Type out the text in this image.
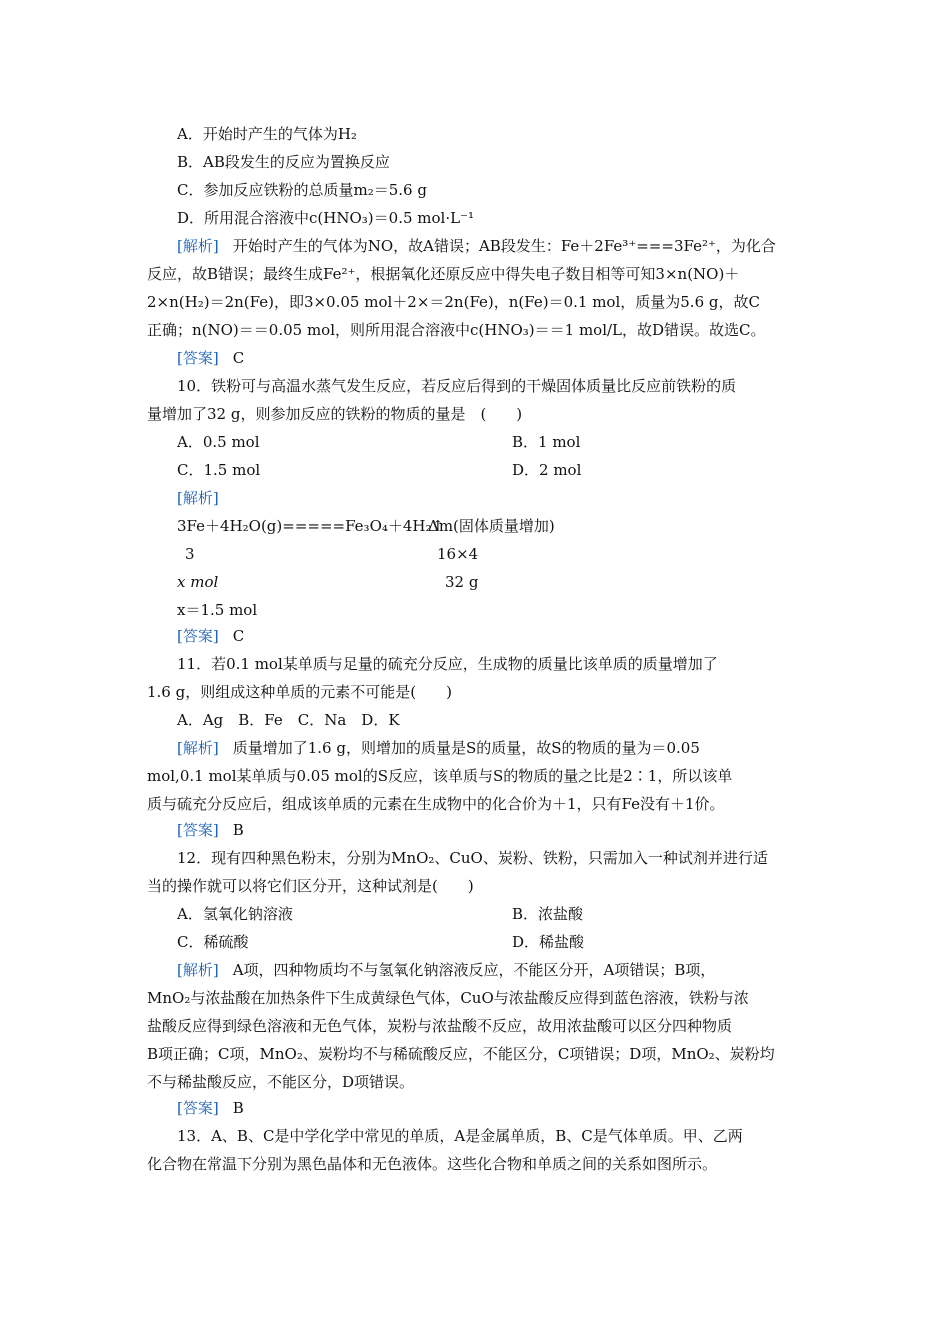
A．开始时产生的气体为H₂
B．AB段发生的反应为置换反应
C．参加反应铁粉的总质量m₂＝5.6 g
D．所用混合溶液中c(HNO₃)＝0.5 mol·L⁻¹
[解析] 开始时产生的气体为NO，故A错误；AB段发生：Fe＋2Fe³⁺===3Fe²⁺，为化合
反应，故B错误；最终生成Fe²⁺，根据氧化还原反应中得失电子数目相等可知3×n(NO)＋
2×n(H₂)＝2n(Fe)，即3×0.05 mol＋2×＝2n(Fe)，n(Fe)＝0.1 mol，质量为5.6 g，故C
正确；n(NO)＝＝0.05 mol，则所用混合溶液中c(HNO₃)＝＝1 mol/L，故D错误。故选C。
[答案] C
10．铁粉可与高温水蒸气发生反应，若反应后得到的干燥固体质量比反应前铁粉的质
量增加了32 g，则参加反应的铁粉的物质的量是　(　　)
A．0.5 mol	B．1 mol
C．1.5 mol	D．2 mol
[解析]
3Fe＋4H₂O(g)=====Fe₃O₄＋4H₂↑
Δm(固体质量增加)
3	16×4
x mol	32 g
x＝1.5 mol
[答案] C
11．若0.1 mol某单质与足量的硫充分反应，生成物的质量比该单质的质量增加了
1.6 g，则组成这种单质的元素不可能是(　　)
A．Ag　B．Fe　C．Na　D．K
[解析] 质量增加了1.6 g，则增加的质量是S的质量，故S的物质的量为＝0.05
mol,0.1 mol某单质与0.05 mol的S反应，该单质与S的物质的量之比是2∶1，所以该单
质与硫充分反应后，组成该单质的元素在生成物中的化合价为＋1，只有Fe没有＋1价。
[答案] B
12．现有四种黑色粉末，分别为MnO₂、CuO、炭粉、铁粉，只需加入一种试剂并进行适
当的操作就可以将它们区分开，这种试剂是(　　)
A．氢氧化钠溶液	B．浓盐酸
C．稀硫酸	D．稀盐酸
[解析] A项，四种物质均不与氢氧化钠溶液反应，不能区分开，A项错误；B项，
MnO₂与浓盐酸在加热条件下生成黄绿色气体，CuO与浓盐酸反应得到蓝色溶液，铁粉与浓
盐酸反应得到绿色溶液和无色气体，炭粉与浓盐酸不反应，故用浓盐酸可以区分四种物质
B项正确；C项，MnO₂、炭粉均不与稀硫酸反应，不能区分，C项错误；D项，MnO₂、炭粉均
不与稀盐酸反应，不能区分，D项错误。
[答案] B
13．A、B、C是中学化学中常见的单质，A是金属单质，B、C是气体单质。甲、乙两
化合物在常温下分别为黑色晶体和无色液体。这些化合物和单质之间的关系如图所示。
